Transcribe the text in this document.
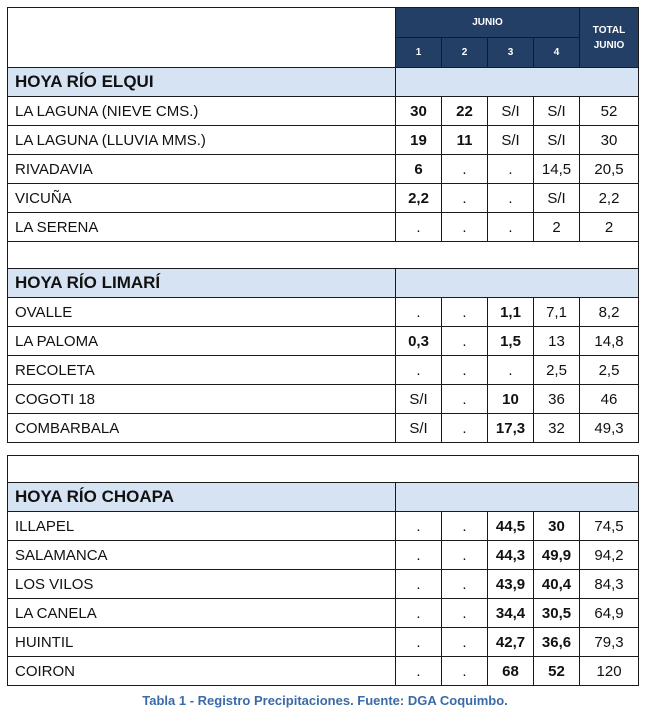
	JUNIO				TOTAL
JUNIO
	1	2	3	4	
HOYA RÍO ELQUI					
LA LAGUNA (NIEVE CMS.)	30	22	S/I	S/I	52
LA LAGUNA (LLUVIA MMS.)	19	11	S/I	S/I	30
RIVADAVIA	6	.	.	14,5	20,5
VICUÑA	2,2	.	.	S/I	2,2
LA SERENA	.	.	.	2	2

HOYA RÍO LIMARÍ					
OVALLE	.	.	1,1	7,1	8,2
LA PALOMA	0,3	.	1,5	13	14,8
RECOLETA	.	.	.	2,5	2,5
COGOTI 18	S/I	.	10	36	46
COMBARBALA	S/I	.	17,3	32	49,3

HOYA RÍO CHOAPA					
ILLAPEL	.	.	44,5	30	74,5
SALAMANCA	.	.	44,3	49,9	94,2
LOS VILOS	.	.	43,9	40,4	84,3
LA CANELA	.	.	34,4	30,5	64,9
HUINTIL	.	.	42,7	36,6	79,3
COIRON	.	.	68	52	120
Tabla 1 - Registro Precipitaciones. Fuente: DGA Coquimbo.
